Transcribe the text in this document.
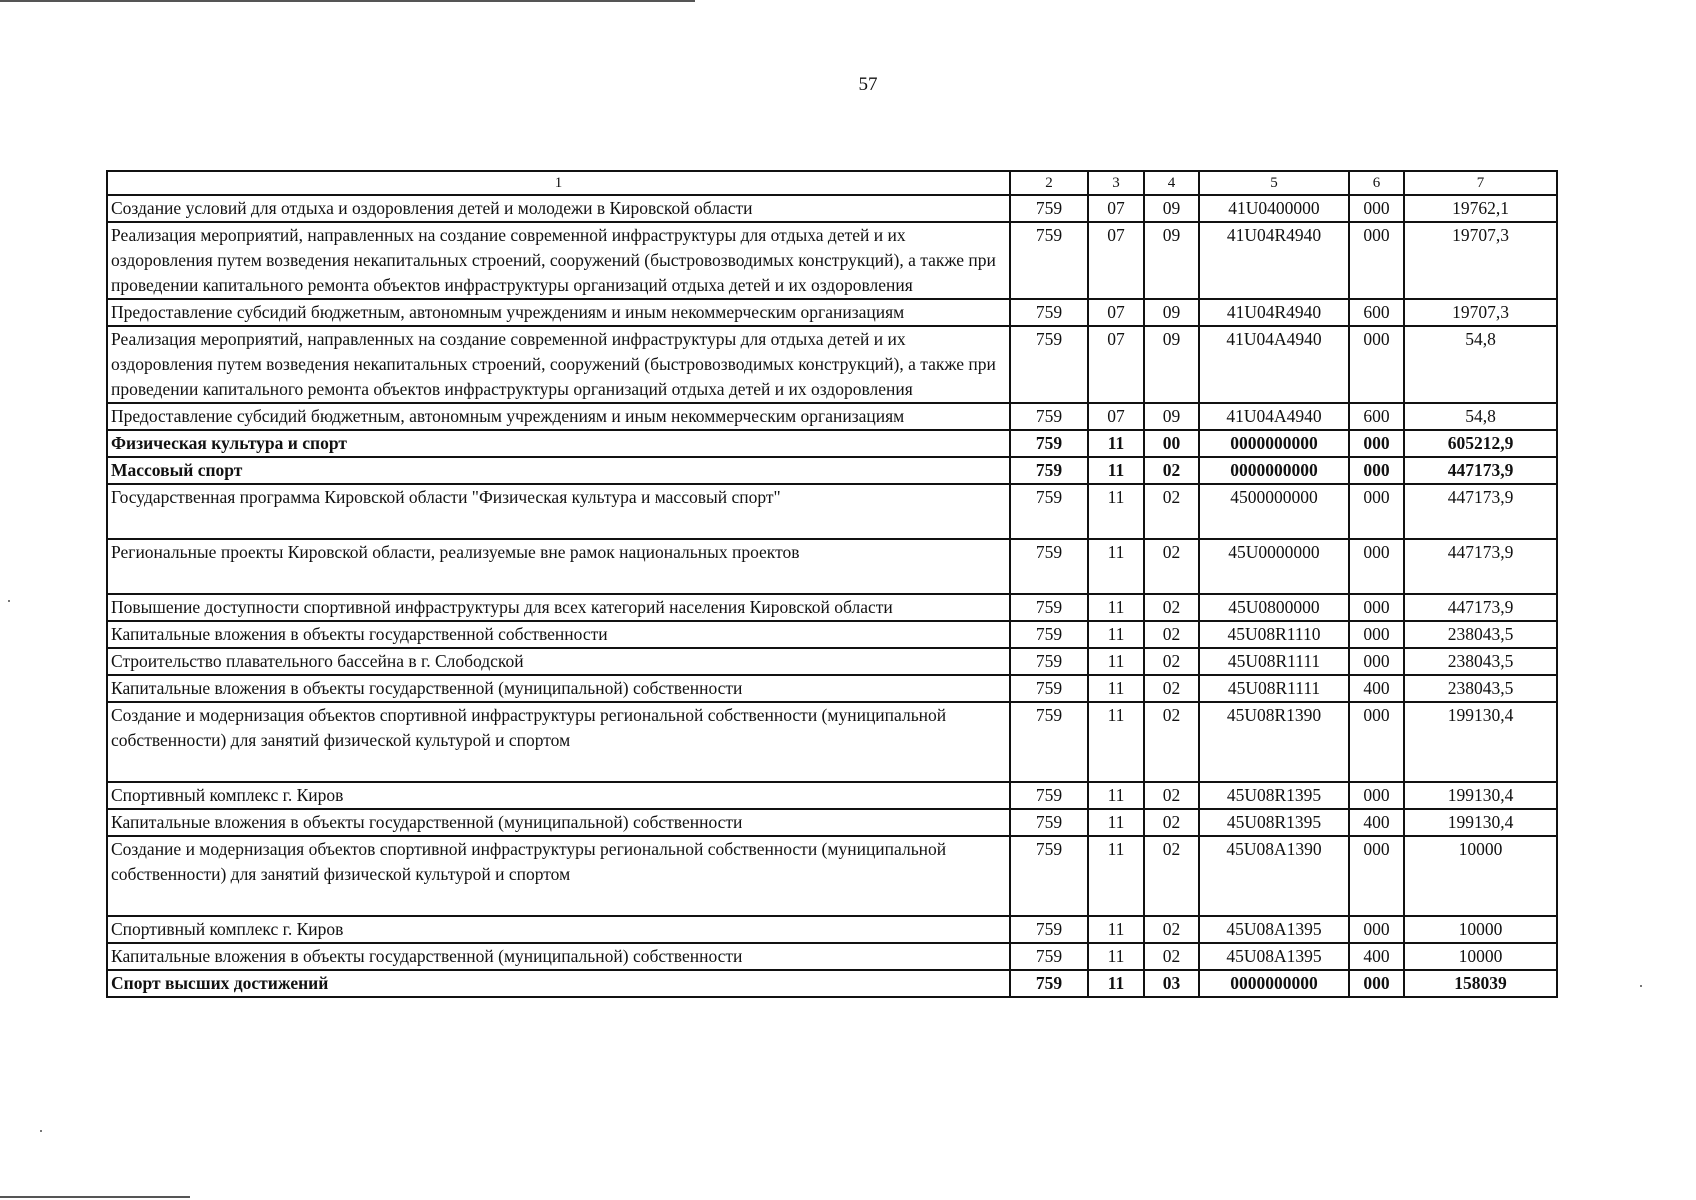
57
1	2	3	4	5	6	7
Создание условий для отдыха и оздоровления детей и молодежи в Кировской области	759	07	09	41U0400000	000	19762,1
Реализация мероприятий, направленных на создание современной инфраструктуры для отдыха детей и их оздоровления путем возведения некапитальных строений, сооружений (быстровозводимых конструкций), а также при проведении капитального ремонта объектов инфраструктуры организаций отдыха детей и их оздоровления	759	07	09	41U04R4940	000	19707,3
Предоставление субсидий бюджетным, автономным учреждениям и иным некоммерческим организациям	759	07	09	41U04R4940	600	19707,3
Реализация мероприятий, направленных на создание современной инфраструктуры для отдыха детей и их оздоровления путем возведения некапитальных строений, сооружений (быстровозводимых конструкций), а также при проведении капитального ремонта объектов инфраструктуры организаций отдыха детей и их оздоровления	759	07	09	41U04A4940	000	54,8
Предоставление субсидий бюджетным, автономным учреждениям и иным некоммерческим организациям	759	07	09	41U04A4940	600	54,8
Физическая культура и спорт	759	11	00	0000000000	000	605212,9
Массовый спорт	759	11	02	0000000000	000	447173,9
Государственная программа Кировской области "Физическая культура и массовый спорт"	759	11	02	4500000000	000	447173,9
Региональные проекты Кировской области, реализуемые вне рамок национальных проектов	759	11	02	45U0000000	000	447173,9
Повышение доступности спортивной инфраструктуры для всех категорий населения Кировской области	759	11	02	45U0800000	000	447173,9
Капитальные вложения в объекты государственной собственности	759	11	02	45U08R1110	000	238043,5
Строительство плавательного бассейна в г. Слободской	759	11	02	45U08R1111	000	238043,5
Капитальные вложения в объекты государственной (муниципальной) собственности	759	11	02	45U08R1111	400	238043,5
Создание и модернизация объектов спортивной инфраструктуры региональной собственности (муниципальной собственности) для занятий физической культурой и спортом	759	11	02	45U08R1390	000	199130,4
Спортивный комплекс г. Киров	759	11	02	45U08R1395	000	199130,4
Капитальные вложения в объекты государственной (муниципальной) собственности	759	11	02	45U08R1395	400	199130,4
Создание и модернизация объектов спортивной инфраструктуры региональной собственности (муниципальной собственности) для занятий физической культурой и спортом	759	11	02	45U08A1390	000	10000
Спортивный комплекс г. Киров	759	11	02	45U08A1395	000	10000
Капитальные вложения в объекты государственной (муниципальной) собственности	759	11	02	45U08A1395	400	10000
Спорт высших достижений	759	11	03	0000000000	000	158039
